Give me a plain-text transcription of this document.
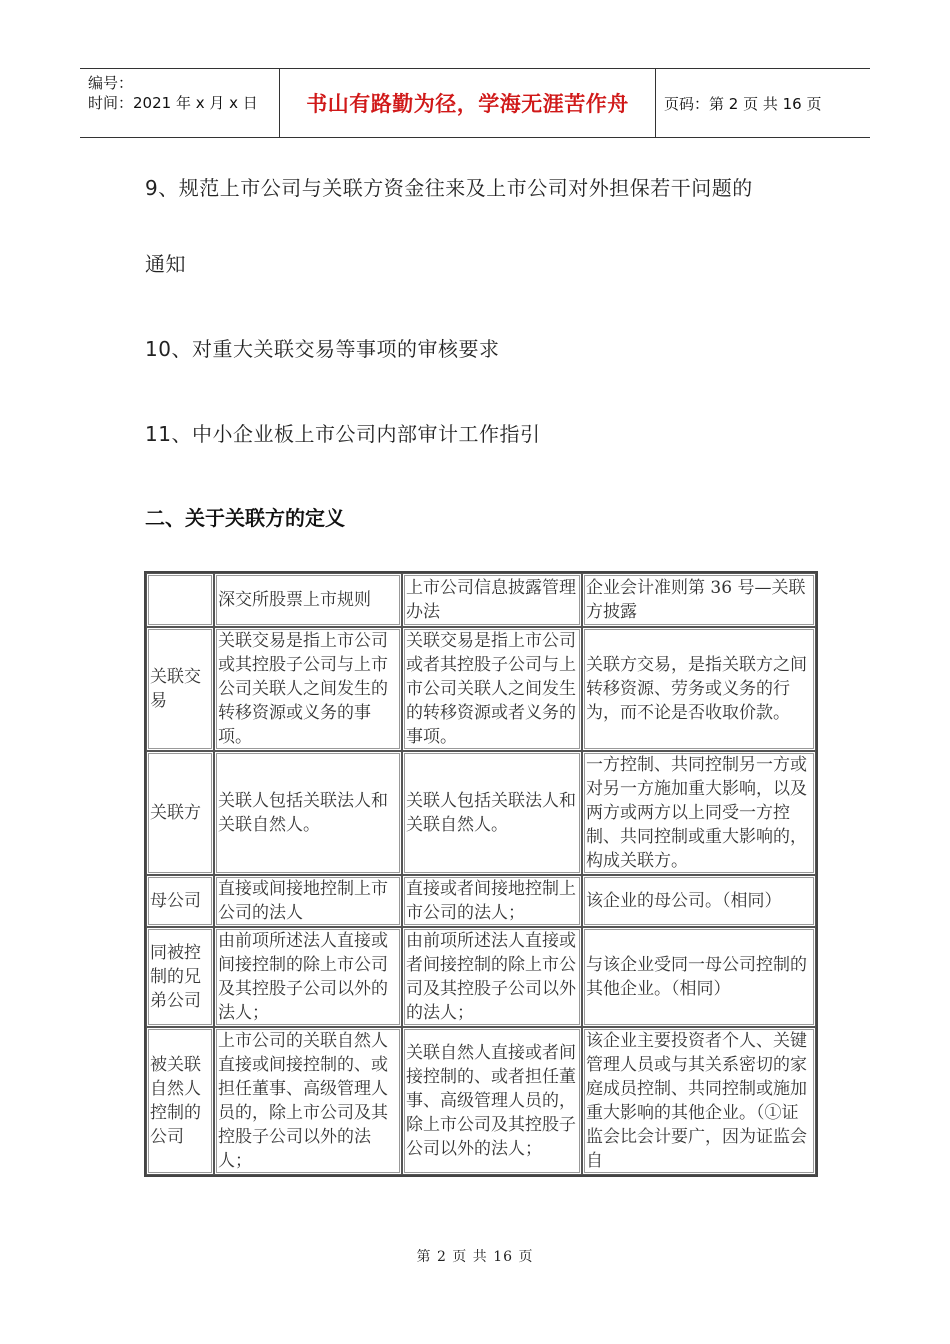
编号：
时间：2021 年 x 月 x 日	书山有路勤为径，学海无涯苦作舟	页码：第 2 页 共 16 页
9、规范上市公司与关联方资金往来及上市公司对外担保若干问题的
通知
10、对重大关联交易等事项的审核要求
11、中小企业板上市公司内部审计工作指引
二、关于关联方的定义
	深交所股票上市规则	上市公司信息披露管理办法	企业会计准则第 36 号—关联方披露
关联交易	关联交易是指上市公司或其控股子公司与上市公司关联人之间发生的转移资源或义务的事项。	关联交易是指上市公司或者其控股子公司与上市公司关联人之间发生的转移资源或者义务的事项。	关联方交易，是指关联方之间转移资源、劳务或义务的行为，而不论是否收取价款。
关联方	关联人包括关联法人和关联自然人。	关联人包括关联法人和关联自然人。	一方控制、共同控制另一方或对另一方施加重大影响，以及两方或两方以上同受一方控制、共同控制或重大影响的，构成关联方。
母公司	直接或间接地控制上市公司的法人	直接或者间接地控制上市公司的法人；	该企业的母公司。（相同）
同被控制的兄弟公司	由前项所述法人直接或间接控制的除上市公司及其控股子公司以外的法人；	由前项所述法人直接或者间接控制的除上市公司及其控股子公司以外的法人；	与该企业受同一母公司控制的其他企业。（相同）
被关联自然人控制的公司	上市公司的关联自然人直接或间接控制的、或担任董事、高级管理人员的，除上市公司及其控股子公司以外的法人；	关联自然人直接或者间接控制的、或者担任董事、高级管理人员的，除上市公司及其控股子公司以外的法人；	该企业主要投资者个人、关键管理人员或与其关系密切的家庭成员控制、共同控制或施加重大影响的其他企业。（①证监会比会计要广，因为证监会自
第 2 页 共 16 页
